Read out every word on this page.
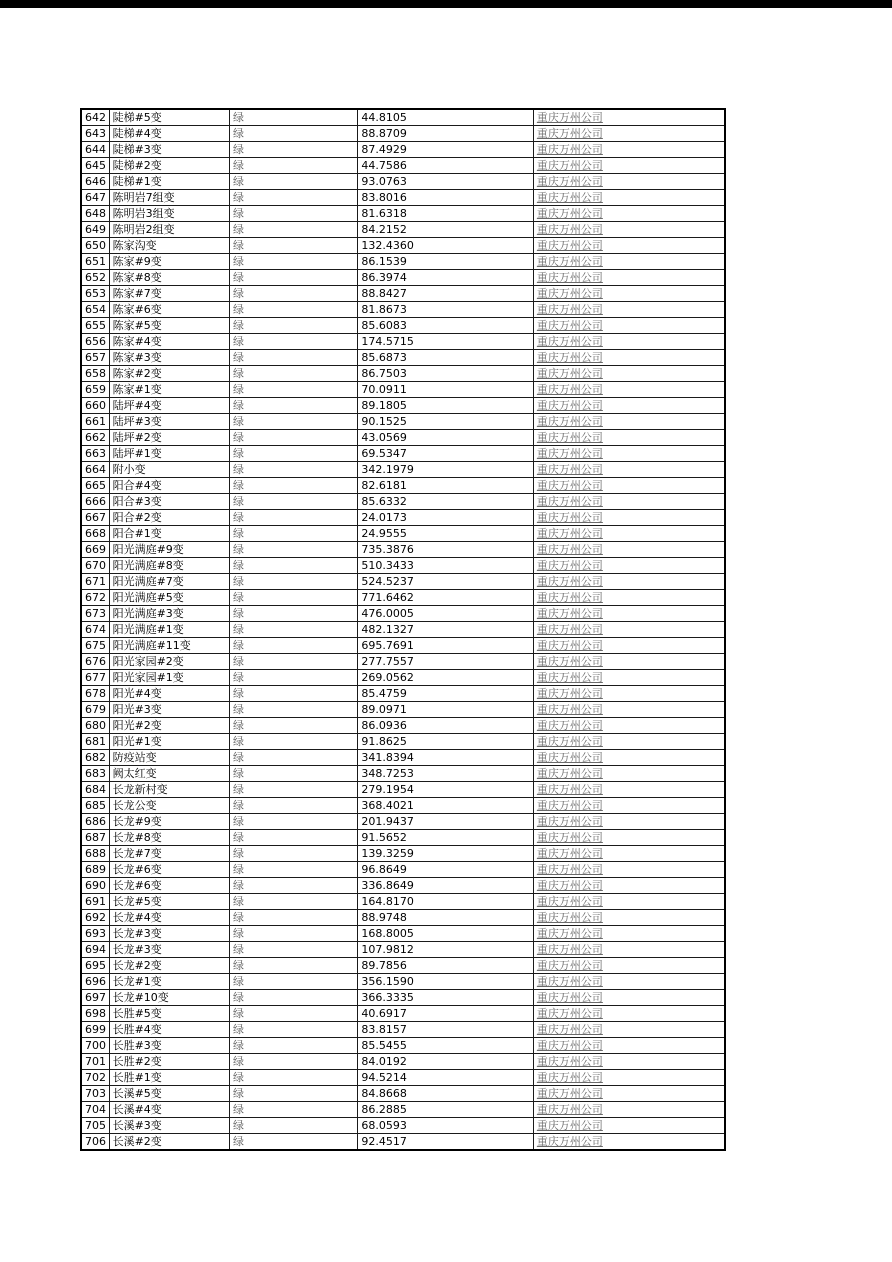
642	陡梯#5变	绿	44.8105	重庆万州公司
643	陡梯#4变	绿	88.8709	重庆万州公司
644	陡梯#3变	绿	87.4929	重庆万州公司
645	陡梯#2变	绿	44.7586	重庆万州公司
646	陡梯#1变	绿	93.0763	重庆万州公司
647	陈明岩7组变	绿	83.8016	重庆万州公司
648	陈明岩3组变	绿	81.6318	重庆万州公司
649	陈明岩2组变	绿	84.2152	重庆万州公司
650	陈家沟变	绿	132.4360	重庆万州公司
651	陈家#9变	绿	86.1539	重庆万州公司
652	陈家#8变	绿	86.3974	重庆万州公司
653	陈家#7变	绿	88.8427	重庆万州公司
654	陈家#6变	绿	81.8673	重庆万州公司
655	陈家#5变	绿	85.6083	重庆万州公司
656	陈家#4变	绿	174.5715	重庆万州公司
657	陈家#3变	绿	85.6873	重庆万州公司
658	陈家#2变	绿	86.7503	重庆万州公司
659	陈家#1变	绿	70.0911	重庆万州公司
660	陆坪#4变	绿	89.1805	重庆万州公司
661	陆坪#3变	绿	90.1525	重庆万州公司
662	陆坪#2变	绿	43.0569	重庆万州公司
663	陆坪#1变	绿	69.5347	重庆万州公司
664	附小变	绿	342.1979	重庆万州公司
665	阳合#4变	绿	82.6181	重庆万州公司
666	阳合#3变	绿	85.6332	重庆万州公司
667	阳合#2变	绿	24.0173	重庆万州公司
668	阳合#1变	绿	24.9555	重庆万州公司
669	阳光满庭#9变	绿	735.3876	重庆万州公司
670	阳光满庭#8变	绿	510.3433	重庆万州公司
671	阳光满庭#7变	绿	524.5237	重庆万州公司
672	阳光满庭#5变	绿	771.6462	重庆万州公司
673	阳光满庭#3变	绿	476.0005	重庆万州公司
674	阳光满庭#1变	绿	482.1327	重庆万州公司
675	阳光满庭#11变	绿	695.7691	重庆万州公司
676	阳光家园#2变	绿	277.7557	重庆万州公司
677	阳光家园#1变	绿	269.0562	重庆万州公司
678	阳光#4变	绿	85.4759	重庆万州公司
679	阳光#3变	绿	89.0971	重庆万州公司
680	阳光#2变	绿	86.0936	重庆万州公司
681	阳光#1变	绿	91.8625	重庆万州公司
682	防疫站变	绿	341.8394	重庆万州公司
683	阙太红变	绿	348.7253	重庆万州公司
684	长龙新村变	绿	279.1954	重庆万州公司
685	长龙公变	绿	368.4021	重庆万州公司
686	长龙#9变	绿	201.9437	重庆万州公司
687	长龙#8变	绿	91.5652	重庆万州公司
688	长龙#7变	绿	139.3259	重庆万州公司
689	长龙#6变	绿	96.8649	重庆万州公司
690	长龙#6变	绿	336.8649	重庆万州公司
691	长龙#5变	绿	164.8170	重庆万州公司
692	长龙#4变	绿	88.9748	重庆万州公司
693	长龙#3变	绿	168.8005	重庆万州公司
694	长龙#3变	绿	107.9812	重庆万州公司
695	长龙#2变	绿	89.7856	重庆万州公司
696	长龙#1变	绿	356.1590	重庆万州公司
697	长龙#10变	绿	366.3335	重庆万州公司
698	长胜#5变	绿	40.6917	重庆万州公司
699	长胜#4变	绿	83.8157	重庆万州公司
700	长胜#3变	绿	85.5455	重庆万州公司
701	长胜#2变	绿	84.0192	重庆万州公司
702	长胜#1变	绿	94.5214	重庆万州公司
703	长溪#5变	绿	84.8668	重庆万州公司
704	长溪#4变	绿	86.2885	重庆万州公司
705	长溪#3变	绿	68.0593	重庆万州公司
706	长溪#2变	绿	92.4517	重庆万州公司
